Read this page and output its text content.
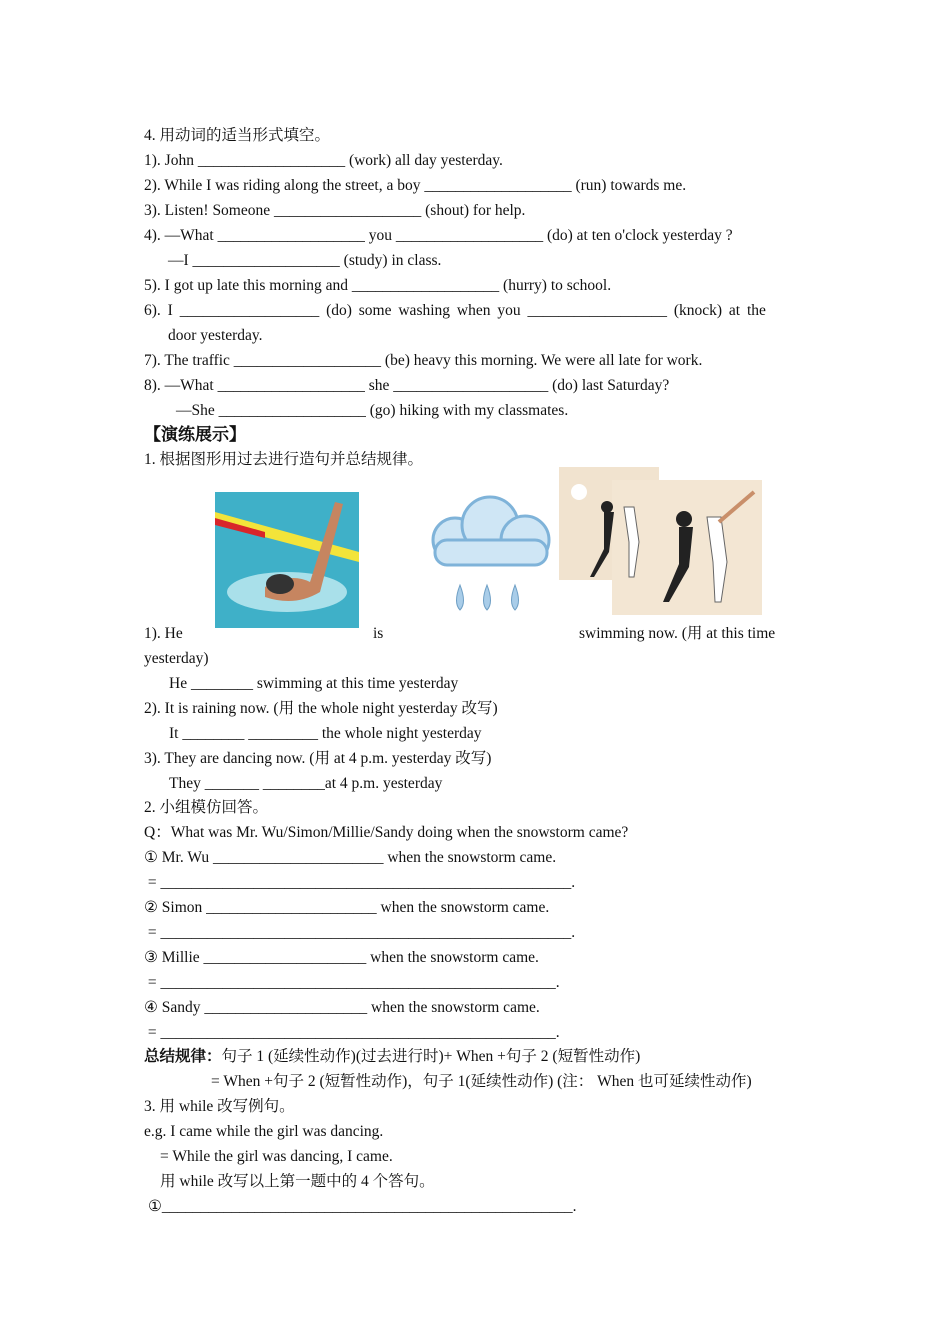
4. 用动词的适当形式填空。
1). John ___________________ (work) all day yesterday.
2). While I was riding along the street, a boy ___________________ (run) towards me.
3). Listen! Someone ___________________ (shout) for help.
4). —What ___________________ you ___________________ (do) at ten o'clock yesterday ?
—I ___________________ (study) in class.
5). I got up late this morning and ___________________ (hurry) to school.
6). I __________________ (do) some washing when you __________________ (knock) at the
door yesterday.
7). The traffic ___________________ (be) heavy this morning. We were all late for work.
8). —What ___________________ she ____________________ (do) last Saturday?
—She ___________________ (go) hiking with my classmates.
【演练展示】
1. 根据图形用过去进行造句并总结规律。
1). He	is	swimming now. (用 at this time
yesterday)
He ________ swimming at this time yesterday
2). It is raining now. (用 the whole night yesterday 改写)
It ________ _________ the whole night yesterday
3). They are dancing now. (用 at 4 p.m. yesterday 改写)
They _______ ________at 4 p.m. yesterday
2. 小组模仿回答。
Q：What was Mr. Wu/Simon/Millie/Sandy doing when the snowstorm came?
① Mr. Wu ______________________ when the snowstorm came.
= _____________________________________________________.
② Simon ______________________ when the snowstorm came.
= _____________________________________________________.
③ Millie _____________________ when the snowstorm came.
= ___________________________________________________.
④ Sandy _____________________ when the snowstorm came.
= ___________________________________________________.
总结规律：句子 1 (延续性动作)(过去进行时)+ When +句子 2 (短暂性动作)
= When +句子 2 (短暂性动作)，句子 1(延续性动作) (注： When 也可延续性动作)
3. 用 while 改写例句。
e.g. I came while the girl was dancing.
= While the girl was dancing, I came.
用 while 改写以上第一题中的 4 个答句。
①_____________________________________________________.
